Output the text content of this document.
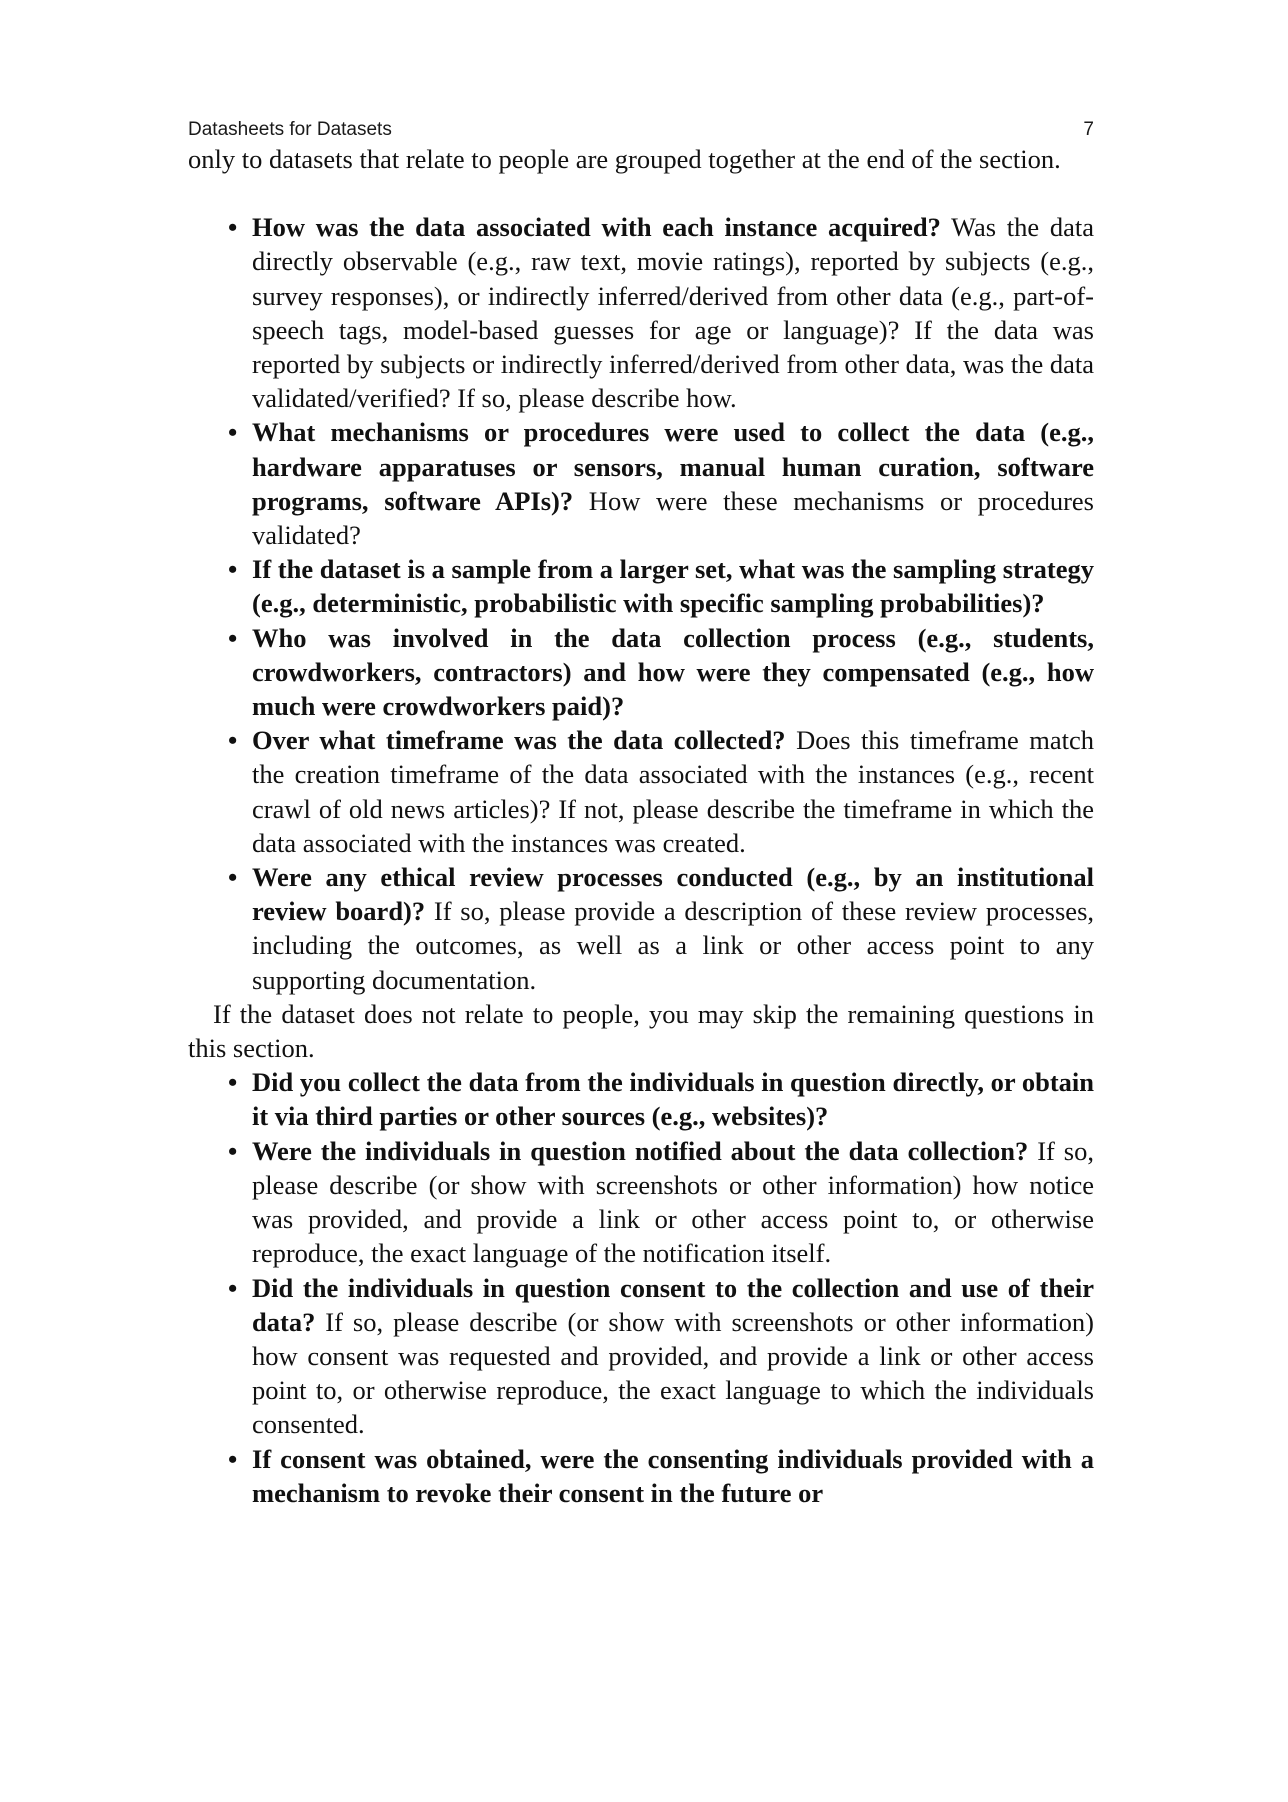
Datasheets for Datasets	7

only to datasets that relate to people are grouped together at the end of the section.

• How was the data associated with each instance acquired? Was the data directly observable (e.g., raw text, movie ratings), reported by subjects (e.g., survey responses), or indirectly inferred/derived from other data (e.g., part-of-speech tags, model-based guesses for age or language)? If the data was reported by subjects or indirectly inferred/derived from other data, was the data validated/verified? If so, please describe how.
• What mechanisms or procedures were used to collect the data (e.g., hardware apparatuses or sensors, manual human curation, software programs, software APIs)? How were these mechanisms or procedures validated?
• If the dataset is a sample from a larger set, what was the sampling strategy (e.g., deterministic, probabilistic with specific sampling probabilities)?
• Who was involved in the data collection process (e.g., students, crowdworkers, contractors) and how were they compensated (e.g., how much were crowdworkers paid)?
• Over what timeframe was the data collected? Does this timeframe match the creation timeframe of the data associated with the instances (e.g., recent crawl of old news articles)? If not, please describe the timeframe in which the data associated with the instances was created.
• Were any ethical review processes conducted (e.g., by an institutional review board)? If so, please provide a description of these review processes, including the outcomes, as well as a link or other access point to any supporting documentation.

If the dataset does not relate to people, you may skip the remaining questions in this section.

• Did you collect the data from the individuals in question directly, or obtain it via third parties or other sources (e.g., websites)?
• Were the individuals in question notified about the data collection? If so, please describe (or show with screenshots or other information) how notice was provided, and provide a link or other access point to, or otherwise reproduce, the exact language of the notification itself.
• Did the individuals in question consent to the collection and use of their data? If so, please describe (or show with screenshots or other information) how consent was requested and provided, and provide a link or other access point to, or otherwise reproduce, the exact language to which the individuals consented.
• If consent was obtained, were the consenting individuals provided with a mechanism to revoke their consent in the future or
